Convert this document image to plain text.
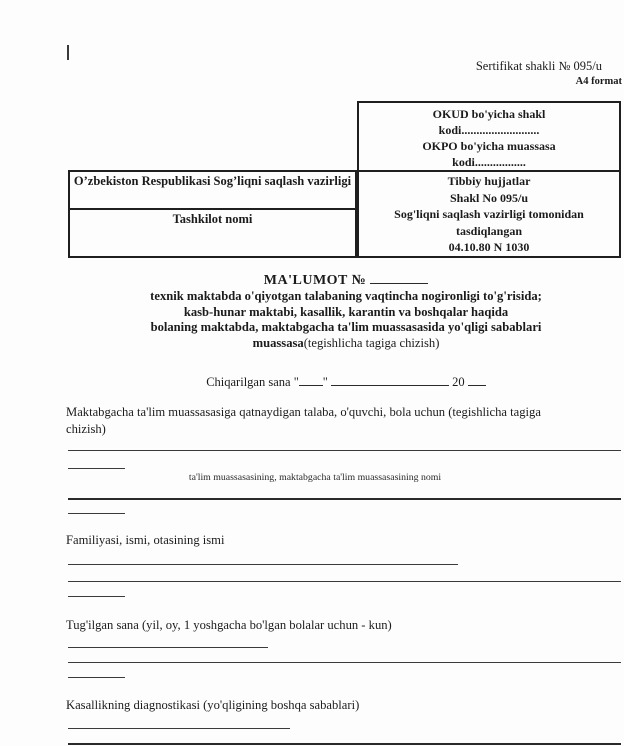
Sertifikat shakli № 095/u
A4 format
OKUD bo'yicha shakl
kodi..........................
OKPO bo'yicha muassasa
kodi.................
Tibbiy hujjatlar
Shakl No 095/u
Sog'liqni saqlash vazirligi tomonidan tasdiqlangan
04.10.80 N 1030
O’zbekiston Respublikasi Sog’liqni saqlash vazirligi
Tashkilot nomi
MA'LUMOT №
texnik maktabda o'qiyotgan talabaning vaqtincha nogironligi to'g'risida;
kasb-hunar maktabi, kasallik, karantin va boshqalar haqida
bolaning maktabda, maktabgacha ta'lim muassasasida yo'qligi sabablari
muassasa(tegishlicha tagiga chizish)
Chiqarilgan sana " "	20
Maktabgacha ta'lim muassasasiga qatnaydigan talaba, o'quvchi, bola uchun (tegishlicha tagiga chizish)
ta'lim muassasasining, maktabgacha ta'lim muassasasining nomi
Familiyasi, ismi, otasining ismi
Tug'ilgan sana (yil, oy, 1 yoshgacha bo'lgan bolalar uchun - kun)
Kasallikning diagnostikasi (yo'qligining boshqa sabablari)
